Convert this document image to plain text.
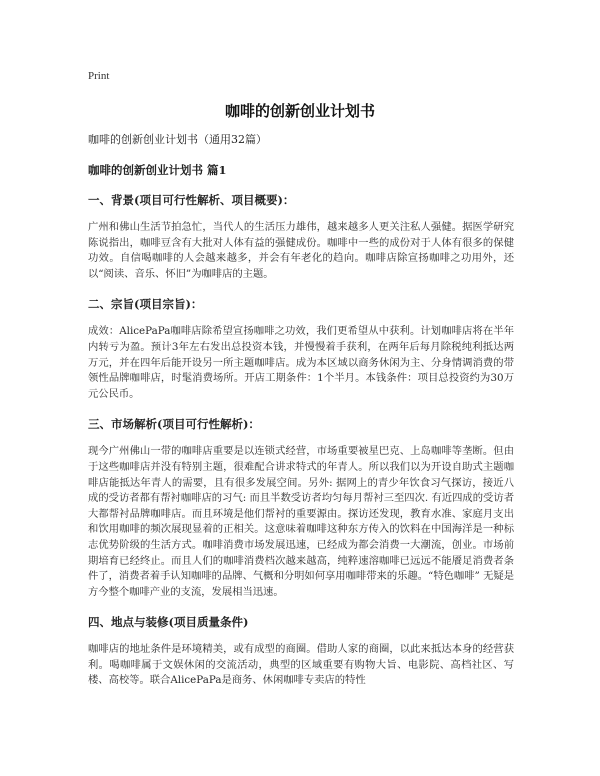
Print
咖啡的创新创业计划书

咖啡的创新创业计划书（通用32篇）

咖啡的创新创业计划书 篇1

一、背景(项目可行性解析、项目概要)：

广州和佛山生活节拍急忙，当代人的生活压力雄伟，越来越多人更关注私人强健。据医学研究陈说指出，咖啡豆含有大批对人体有益的强健成份。咖啡中一些的成份对于人体有很多的保健功效。自信喝咖啡的人会越来越多，并会有年老化的趋向。咖啡店除宣扬咖啡之功用外，还以“阅读、音乐、怀旧”为咖啡店的主题。

二、宗旨(项目宗旨)：

成效：AlicePaPa咖啡店除希望宣扬咖啡之功效，我们更希望从中获利。计划咖啡店将在半年内转亏为盈。预计3年左右发出总投资本钱，并慢慢着手获利，在两年后每月除税纯利抵达两万元，并在四年后能开设另一所主题咖啡店。成为本区域以商务休闲为主、分身情调消费的带领性品牌咖啡店，时髦消费场所。开店工期条件：1个半月。本钱条件：项目总投资约为30万元公民币。

三、市场解析(项目可行性解析)：

现今广州佛山一带的咖啡店重要是以连锁式经营，市场重要被星巴克、上岛咖啡等垄断。但由于这些咖啡店并没有特别主题，很难配合讲求特式的年青人。所以我们以为开设自助式主题咖啡店能抵达年青人的需要，且有很多发展空间。另外: 据网上的青少年饮食习气探访，接近八成的受访者都有帮衬咖啡店的习气: 而且半数受访者均匀每月帮衬三至四次. 有近四成的受访者大都帮衬品牌咖啡店。而且环境是他们帮衬的重要源由。探访还发现，教育水准、家庭月支出和饮用咖啡的频次展现显着的正相关。这意味着咖啡这种东方传入的饮料在中国海洋是一种标志优势阶级的生活方式。咖啡消费市场发展迅速，已经成为都会消费一大潮流，创业。市场前期培育已经终止。而且人们的咖啡消费档次越来越高，纯粹速溶咖啡已远远不能餍足消费者条件了，消费者着手认知咖啡的品牌、气概和分明如何享用咖啡带来的乐趣。“特色咖啡” 无疑是方今整个咖啡产业的支流，发展相当迅速。

四、地点与装修(项目质量条件)

咖啡店的地址条件是环境精美，或有成型的商圈。借助人家的商圈，以此来抵达本身的经营获利。喝咖啡属于文娱休闲的交流活动，典型的区域重要有购物大旨、电影院、高档社区、写楼、高校等。联合AlicePaPa是商务、休闲咖啡专卖店的特性
